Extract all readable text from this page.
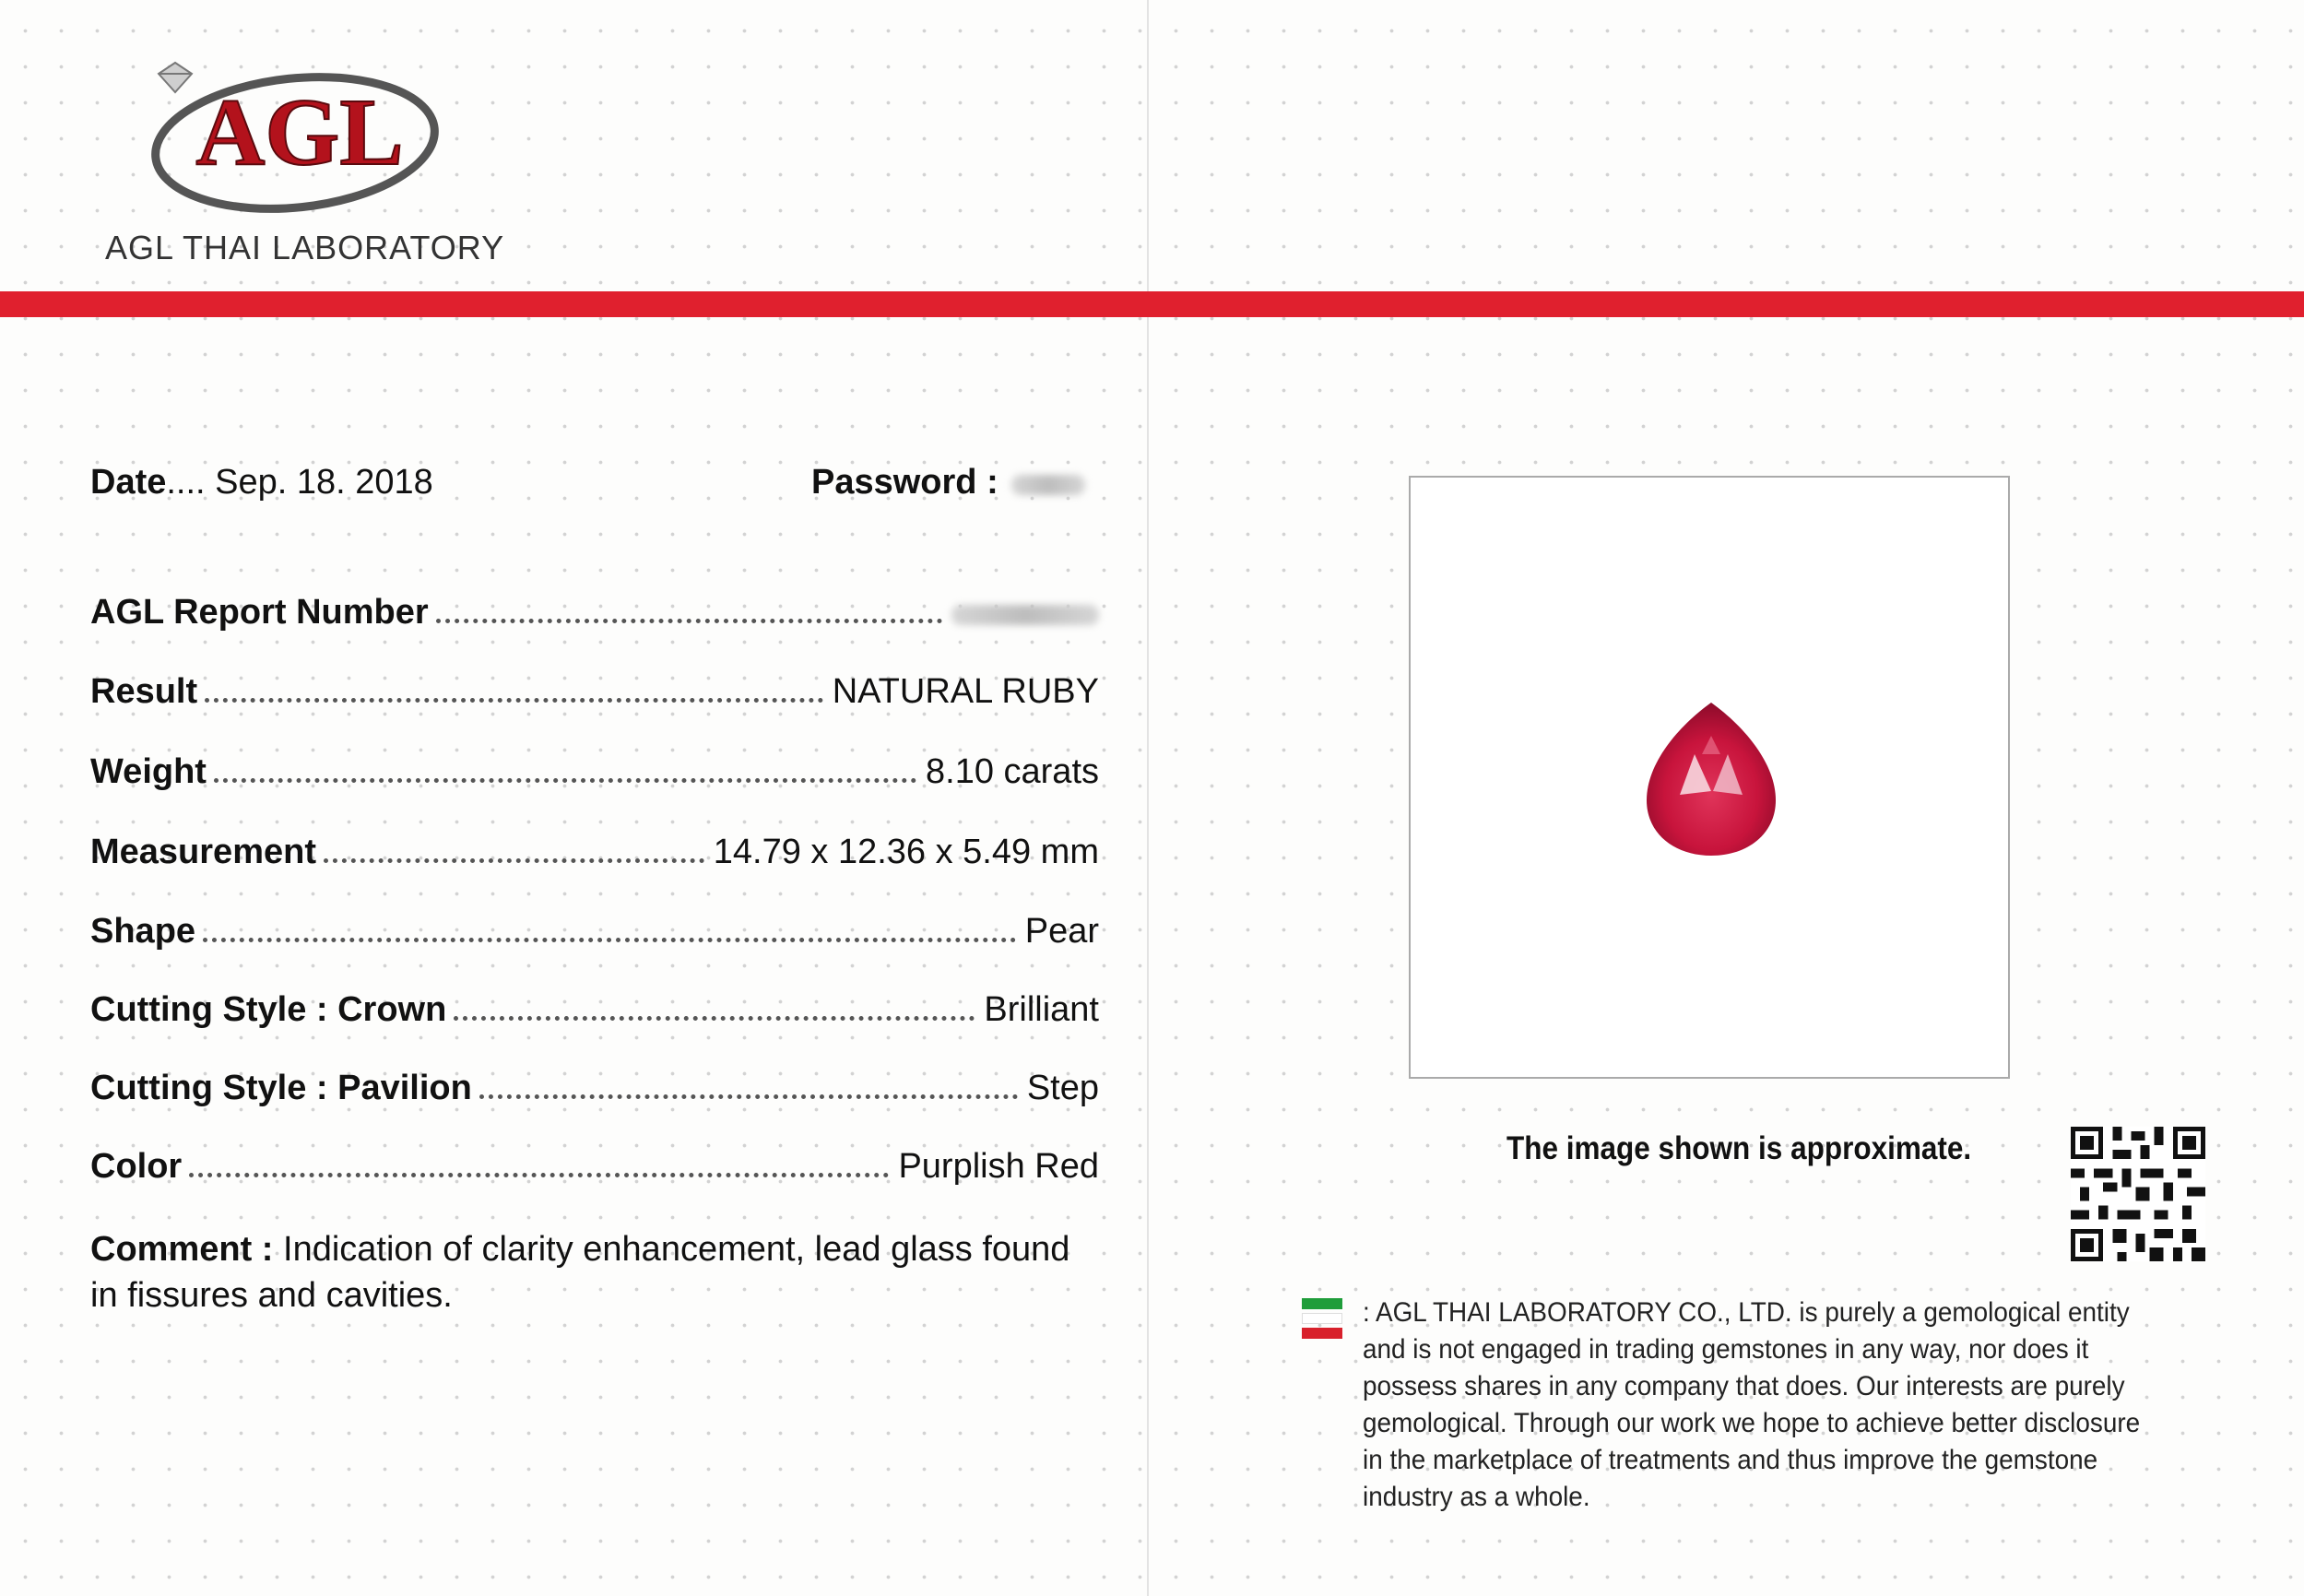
AGL
AGL THAI LABORATORY
Date.... Sep. 18. 2018	Password :
AGL Report Number
Result	NATURAL RUBY
Weight	8.10 carats
Measurement	14.79 x 12.36 x 5.49 mm
Shape	Pear
Cutting Style : Crown	Brilliant
Cutting Style : Pavilion	Step
Color	Purplish Red
Comment : Indication of clarity enhancement, lead glass found in fissures and cavities.
The image shown is approximate.
: AGL THAI LABORATORY CO., LTD. is purely a gemological entity and is not engaged in trading gemstones in any way, nor does it possess shares in any company that does. Our interests are purely gemological. Through our work we hope to achieve better disclosure in the marketplace of treatments and thus improve the gemstone industry as a whole.
